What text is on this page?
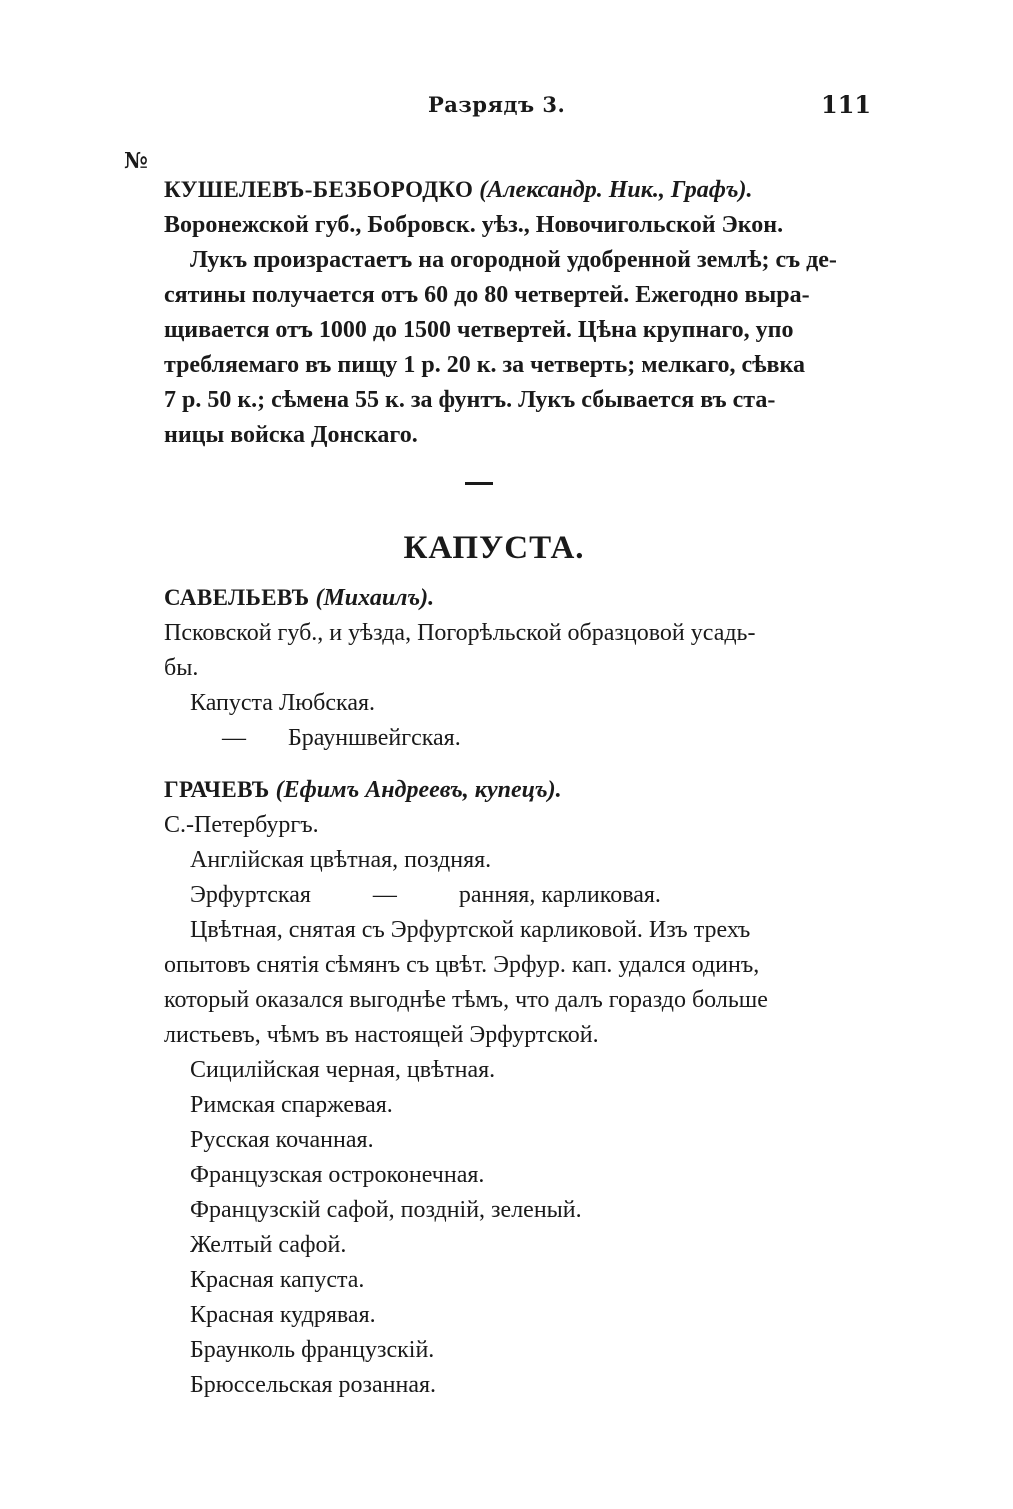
Разрядъ 3.	111
№
КУШЕЛЕВЪ-БЕЗБОРОДКО (Александр. Ник., Графъ).
Воронежской губ., Бобровск. уѣз., Новочигольской Экон.
Лукъ произрастаетъ на огородной удобренной землѣ; съ де-
сятины получается отъ 60 до 80 четвертей. Ежегодно выра-
щивается отъ 1000 до 1500 четвертей. Цѣна крупнаго, упо
требляемаго въ пищу 1 р. 20 к. за четверть; мелкаго, сѣвка
7 р. 50 к.; сѣмена 55 к. за фунтъ. Лукъ сбывается въ ста-
ницы войска Донскаго.
КАПУСТА.
САВЕЛЬЕВЪ (Михаилъ).
Псковской губ., и уѣзда, Погорѣльской образцовой усадь-
бы.
Капуста Любская.
— Брауншвейгская.
ГРАЧЕВЪ (Ефимъ Андреевъ, купецъ).
С.-Петербургъ.
Англійская цвѣтная, поздняя.
Эрфуртская	—	ранняя, карликовая.
Цвѣтная, снятая съ Эрфуртской карликовой. Изъ трехъ
опытовъ снятія сѣмянъ съ цвѣт. Эрфур. кап. удался одинъ,
который оказался выгоднѣе тѣмъ, что далъ гораздо больше
листьевъ, чѣмъ въ настоящей Эрфуртской.
Сицилійская черная, цвѣтная.
Римская спаржевая.
Русская кочанная.
Французская остроконечная.
Французскій сафой, поздній, зеленый.
Желтый сафой.
Красная капуста.
Красная кудрявая.
Браунколь французскій.
Брюссельская розанная.
